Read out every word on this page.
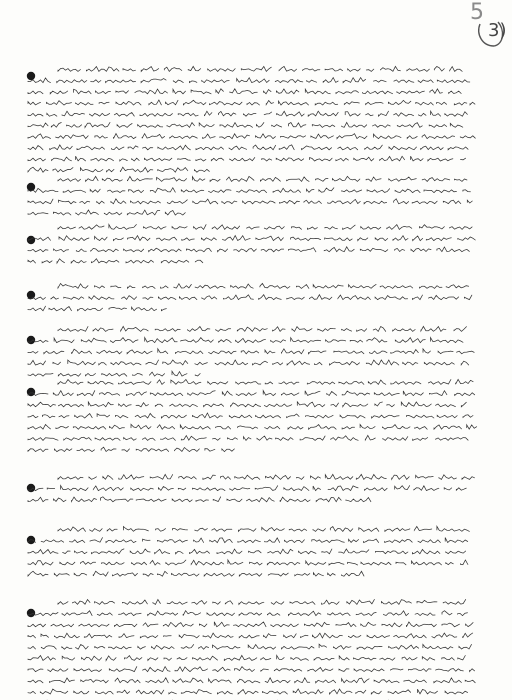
5
3)
